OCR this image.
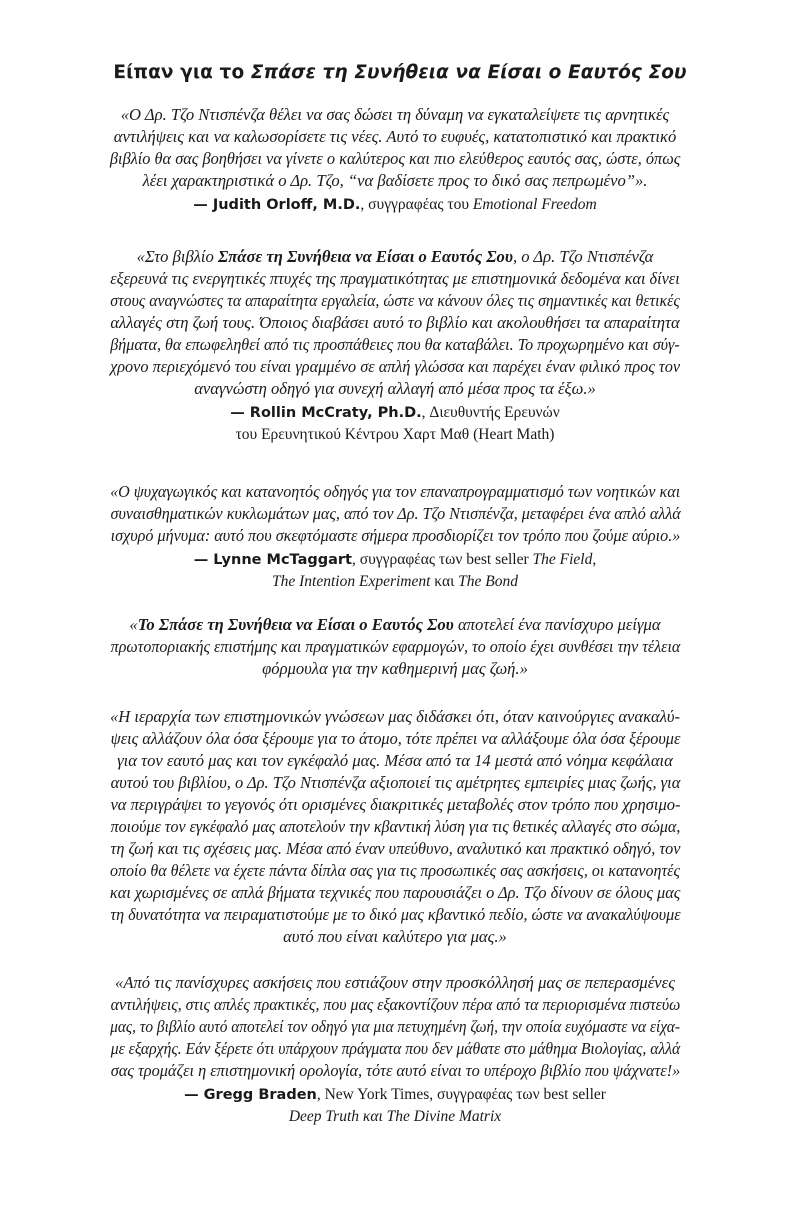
Είπαν για το Σπάσε τη Συνήθεια να Είσαι ο Εαυτός Σου

«Ο Δρ. Τζο Ντισπένζα θέλει να σας δώσει τη δύναμη να εγκαταλείψετε τις αρνητικές
αντιλήψεις και να καλωσορίσετε τις νέες. Αυτό το ευφυές, κατατοπιστικό και πρακτικό
βιβλίο θα σας βοηθήσει να γίνετε ο καλύτερος και πιο ελεύθερος εαυτός σας, ώστε, όπως
λέει χαρακτηριστικά ο Δρ. Τζο, “να βαδίσετε προς το δικό σας πεπρωμένο”».

— Judith Orloff, M.D., συγγραφέας του Emotional Freedom

«Στο βιβλίο Σπάσε τη Συνήθεια να Είσαι ο Εαυτός Σου, ο Δρ. Τζο Ντισπένζα
εξερευνά τις ενεργητικές πτυχές της πραγματικότητας με επιστημονικά δεδομένα και δίνει
στους αναγνώστες τα απαραίτητα εργαλεία, ώστε να κάνουν όλες τις σημαντικές και θετικές
αλλαγές στη ζωή τους. Όποιος διαβάσει αυτό το βιβλίο και ακολουθήσει τα απαραίτητα
βήματα, θα επωφεληθεί από τις προσπάθειες που θα καταβάλει. Το προχωρημένο και σύγ-
χρονο περιεχόμενό του είναι γραμμένο σε απλή γλώσσα και παρέχει έναν φιλικό προς τον
αναγνώστη οδηγό για συνεχή αλλαγή από μέσα προς τα έξω.»

— Rollin McCraty, Ph.D., Διευθυντής Ερευνών
του Ερευνητικού Κέντρου Χαρτ Μαθ (Heart Math)

«Ο ψυχαγωγικός και κατανοητός οδηγός για τον επαναπρογραμματισμό των νοητικών και
συναισθηματικών κυκλωμάτων μας, από τον Δρ. Τζο Ντισπένζα, μεταφέρει ένα απλό αλλά
ισχυρό μήνυμα: αυτό που σκεφτόμαστε σήμερα προσδιορίζει τον τρόπο που ζούμε αύριο.»

— Lynne McTaggart, συγγραφέας των best seller The Field,
The Intention Experiment και The Bond

«Το Σπάσε τη Συνήθεια να Είσαι ο Εαυτός Σου αποτελεί ένα πανίσχυρο μείγμα
πρωτοποριακής επιστήμης και πραγματικών εφαρμογών, το οποίο έχει συνθέσει την τέλεια
φόρμουλα για την καθημερινή μας ζωή.»

«Η ιεραρχία των επιστημονικών γνώσεων μας διδάσκει ότι, όταν καινούργιες ανακαλύ-
ψεις αλλάζουν όλα όσα ξέρουμε για το άτομο, τότε πρέπει να αλλάξουμε όλα όσα ξέρουμε
για τον εαυτό μας και τον εγκέφαλό μας. Μέσα από τα 14 μεστά από νόημα κεφάλαια
αυτού του βιβλίου, ο Δρ. Τζο Ντισπένζα αξιοποιεί τις αμέτρητες εμπειρίες μιας ζωής, για
να περιγράψει το γεγονός ότι ορισμένες διακριτικές μεταβολές στον τρόπο που χρησιμο-
ποιούμε τον εγκέφαλό μας αποτελούν την κβαντική λύση για τις θετικές αλλαγές στο σώμα,
τη ζωή και τις σχέσεις μας. Μέσα από έναν υπεύθυνο, αναλυτικό και πρακτικό οδηγό, τον
οποίο θα θέλετε να έχετε πάντα δίπλα σας για τις προσωπικές σας ασκήσεις, οι κατανοητές
και χωρισμένες σε απλά βήματα τεχνικές που παρουσιάζει ο Δρ. Τζο δίνουν σε όλους μας
τη δυνατότητα να πειραματιστούμε με το δικό μας κβαντικό πεδίο, ώστε να ανακαλύψουμε
αυτό που είναι καλύτερο για μας.»

«Από τις πανίσχυρες ασκήσεις που εστιάζουν στην προσκόλλησή μας σε πεπερασμένες
αντιλήψεις, στις απλές πρακτικές, που μας εξακοντίζουν πέρα από τα περιορισμένα πιστεύω
μας, το βιβλίο αυτό αποτελεί τον οδηγό για μια πετυχημένη ζωή, την οποία ευχόμαστε να είχα-
με εξαρχής. Εάν ξέρετε ότι υπάρχουν πράγματα που δεν μάθατε στο μάθημα Βιολογίας, αλλά
σας τρομάζει η επιστημονική ορολογία, τότε αυτό είναι το υπέροχο βιβλίο που ψάχνατε!»

— Gregg Braden, New York Times, συγγραφέας των best seller
Deep Truth και The Divine Matrix
